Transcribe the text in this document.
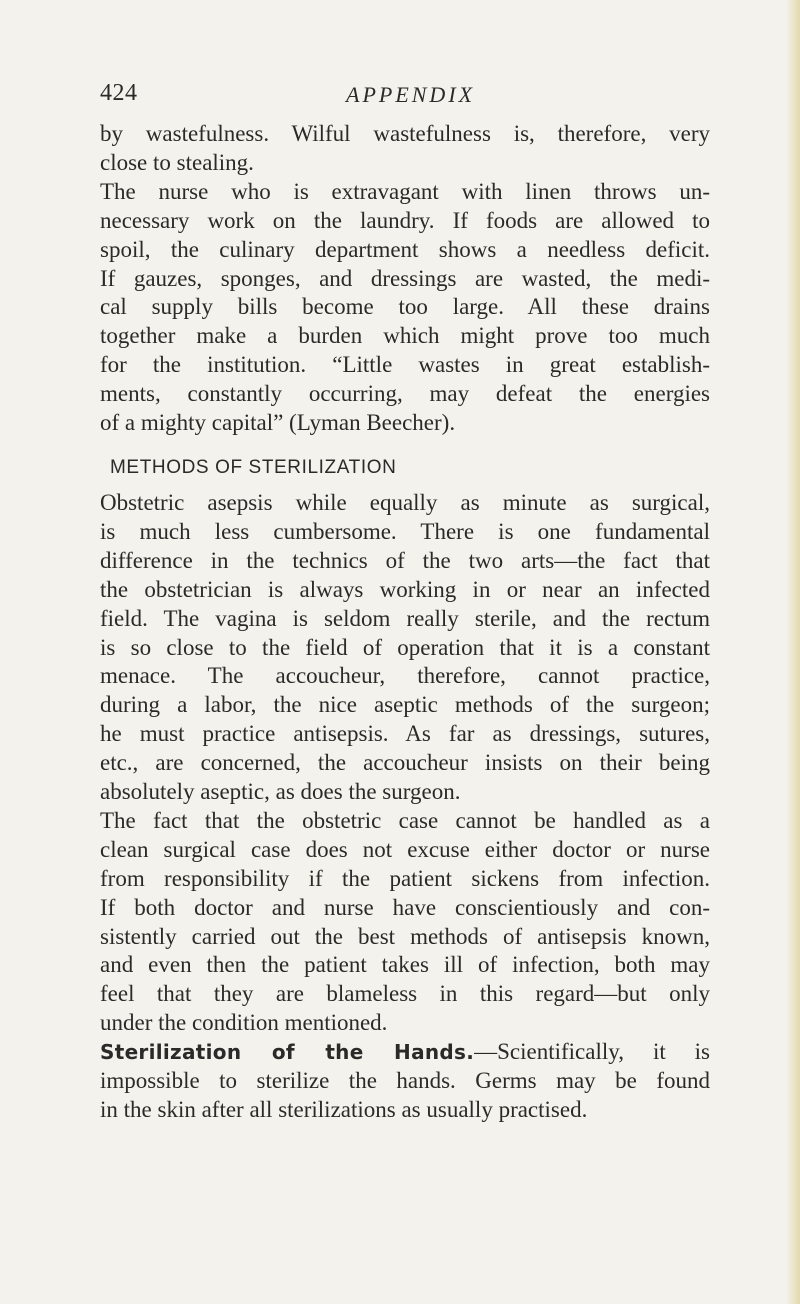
424	APPENDIX
by wastefulness. Wilful wastefulness is, therefore, very
close to stealing.
The nurse who is extravagant with linen throws un-
necessary work on the laundry. If foods are allowed to
spoil, the culinary department shows a needless deficit.
If gauzes, sponges, and dressings are wasted, the medi-
cal supply bills become too large. All these drains
together make a burden which might prove too much
for the institution. “Little wastes in great establish-
ments, constantly occurring, may defeat the energies
of a mighty capital” (Lyman Beecher).
METHODS OF STERILIZATION
Obstetric asepsis while equally as minute as surgical,
is much less cumbersome. There is one fundamental
difference in the technics of the two arts—the fact that
the obstetrician is always working in or near an infected
field. The vagina is seldom really sterile, and the rectum
is so close to the field of operation that it is a constant
menace. The accoucheur, therefore, cannot practice,
during a labor, the nice aseptic methods of the surgeon;
he must practice antisepsis. As far as dressings, sutures,
etc., are concerned, the accoucheur insists on their being
absolutely aseptic, as does the surgeon.
The fact that the obstetric case cannot be handled as a
clean surgical case does not excuse either doctor or nurse
from responsibility if the patient sickens from infection.
If both doctor and nurse have conscientiously and con-
sistently carried out the best methods of antisepsis known,
and even then the patient takes ill of infection, both may
feel that they are blameless in this regard—but only
under the condition mentioned.
Sterilization of the Hands.—Scientifically, it is
impossible to sterilize the hands. Germs may be found
in the skin after all sterilizations as usually practised.
